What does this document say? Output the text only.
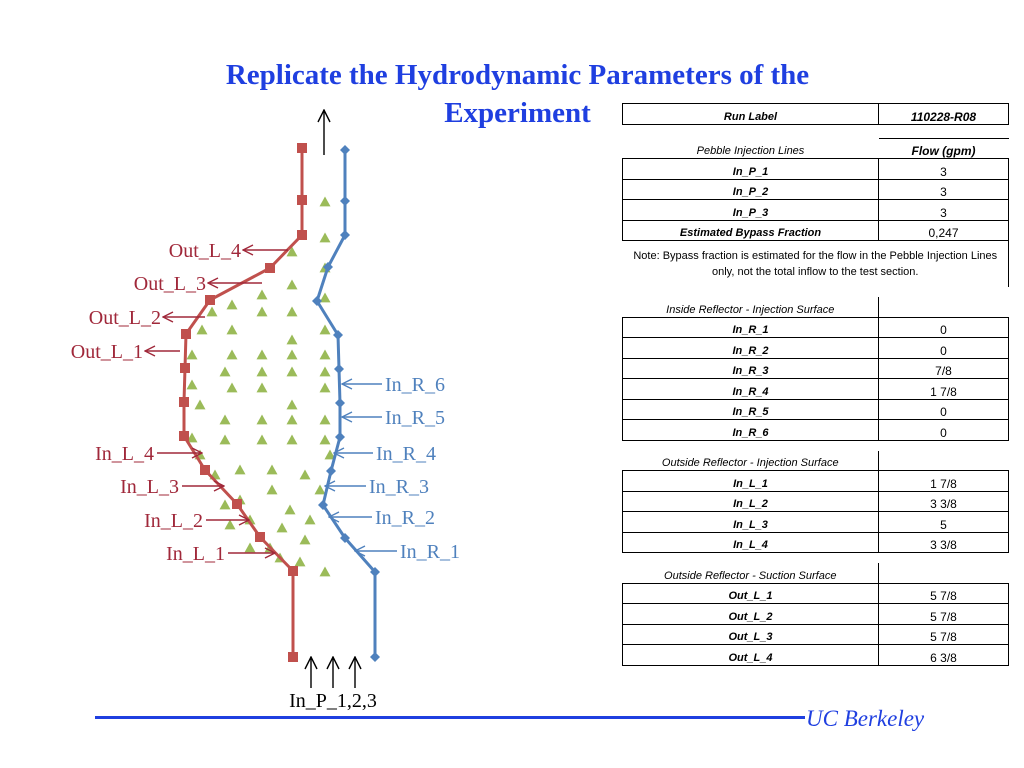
Replicate the Hydrodynamic Parameters of the Experiment
Out_L_4
Out_L_3
Out_L_2
Out_L_1
In_L_4
In_L_3
In_L_2
In_L_1
In_R_6
In_R_5
In_R_4
In_R_3
In_R_2
In_R_1
In_P_1,2,3
Run Label	110228-R08

Pebble Injection Lines	Flow (gpm)
In_P_1	3
In_P_2	3
In_P_3	3
Estimated Bypass Fraction	0,247
Note: Bypass fraction is estimated for the flow in the Pebble Injection Lines only, not the total inflow to the test section.	

Inside Reflector - Injection Surface	
In_R_1	0
In_R_2	0
In_R_3	7/8
In_R_4	1 7/8
In_R_5	0
In_R_6	0

Outside Reflector - Injection Surface	
In_L_1	1 7/8
In_L_2	3 3/8
In_L_3	5
In_L_4	3 3/8

Outside Reflector - Suction Surface	
Out_L_1	5 7/8
Out_L_2	5 7/8
Out_L_3	5 7/8
Out_L_4	6 3/8
UC Berkeley
